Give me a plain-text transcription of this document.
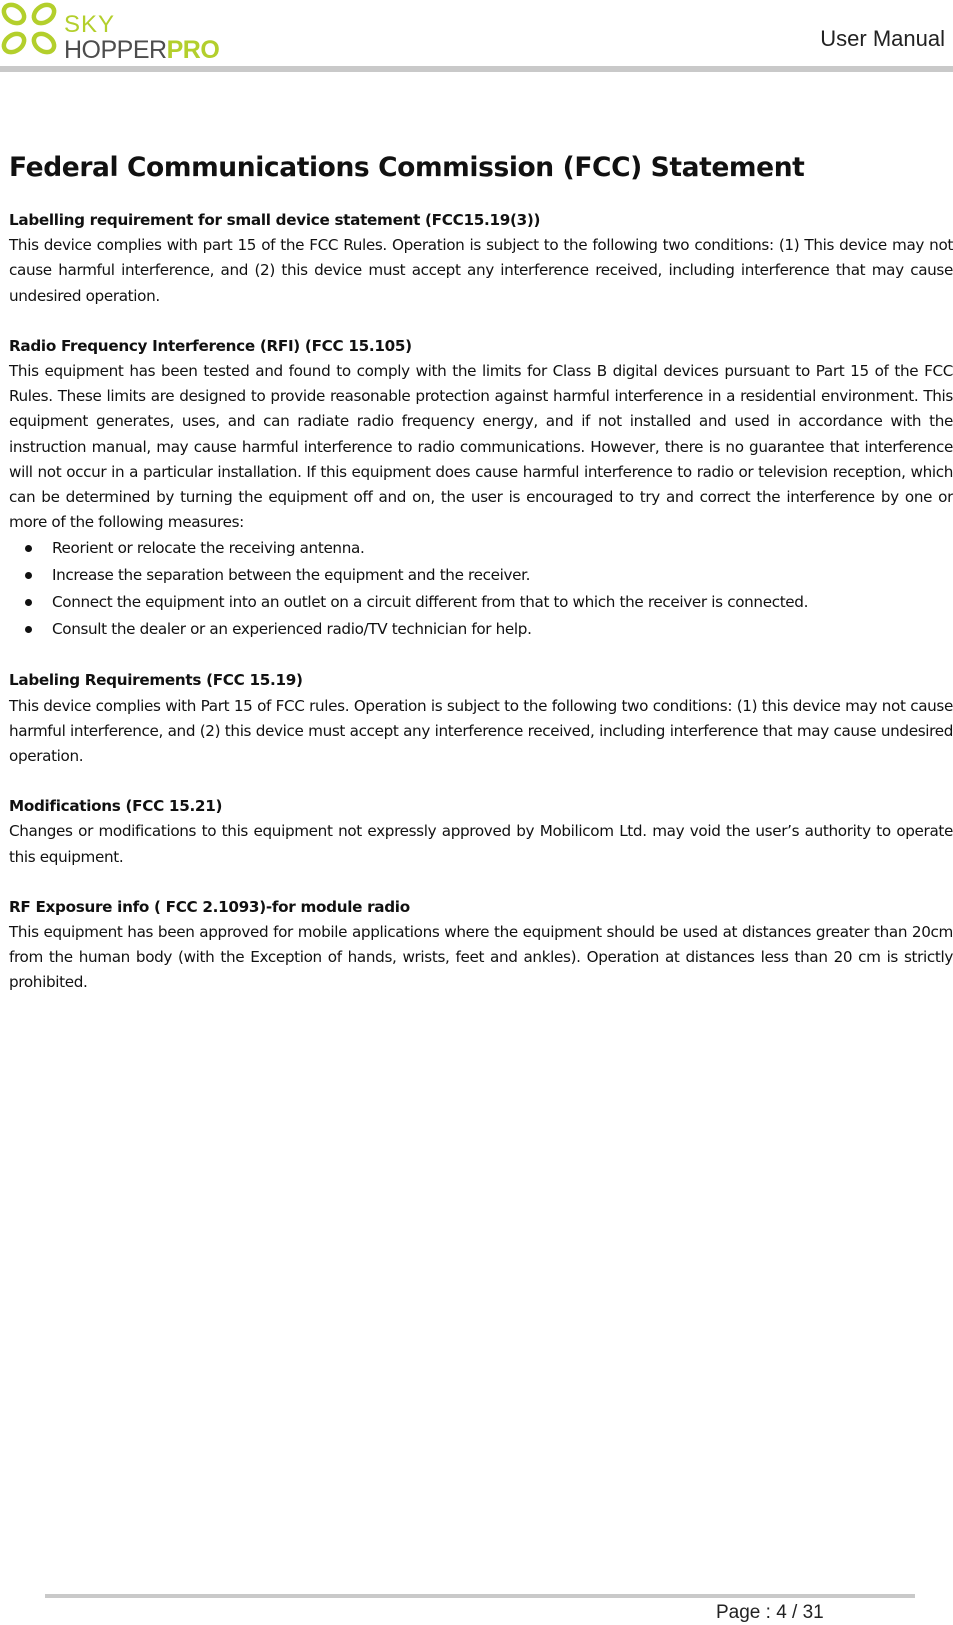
SKY
HOPPERPRO	User Manual
Federal Communications Commission (FCC) Statement
Labelling requirement for small device statement (FCC15.19(3))

This device complies with part 15 of the FCC Rules. Operation is subject to the following two conditions: (1) This device may not cause harmful interference, and (2) this device must accept any interference received, including interference that may cause undesired operation.

Radio Frequency Interference (RFI) (FCC 15.105)

This equipment has been tested and found to comply with the limits for Class B digital devices pursuant to Part 15 of the FCC Rules. These limits are designed to provide reasonable protection against harmful interference in a residential environment. This equipment generates, uses, and can radiate radio frequency energy, and if not installed and used in accordance with the instruction manual, may cause harmful interference to radio communications. However, there is no guarantee that interference will not occur in a particular installation. If this equipment does cause harmful interference to radio or television reception, which can be determined by turning the equipment off and on, the user is encouraged to try and correct the interference by one or more of the following measures:

Reorient or relocate the receiving antenna.
Increase the separation between the equipment and the receiver.
Connect the equipment into an outlet on a circuit different from that to which the receiver is connected.
Consult the dealer or an experienced radio/TV technician for help.
Labeling Requirements (FCC 15.19)

This device complies with Part 15 of FCC rules. Operation is subject to the following two conditions: (1) this device may not cause harmful interference, and (2) this device must accept any interference received, including interference that may cause undesired operation.

Modifications (FCC 15.21)

Changes or modifications to this equipment not expressly approved by Mobilicom Ltd. may void the user’s authority to operate this equipment.

RF Exposure info ( FCC 2.1093)-for module radio

This equipment has been approved for mobile applications where the equipment should be used at distances greater than 20cm from the human body (with the Exception of hands, wrists, feet and ankles). Operation at distances less than 20 cm is strictly prohibited.

Page : 4 / 31
